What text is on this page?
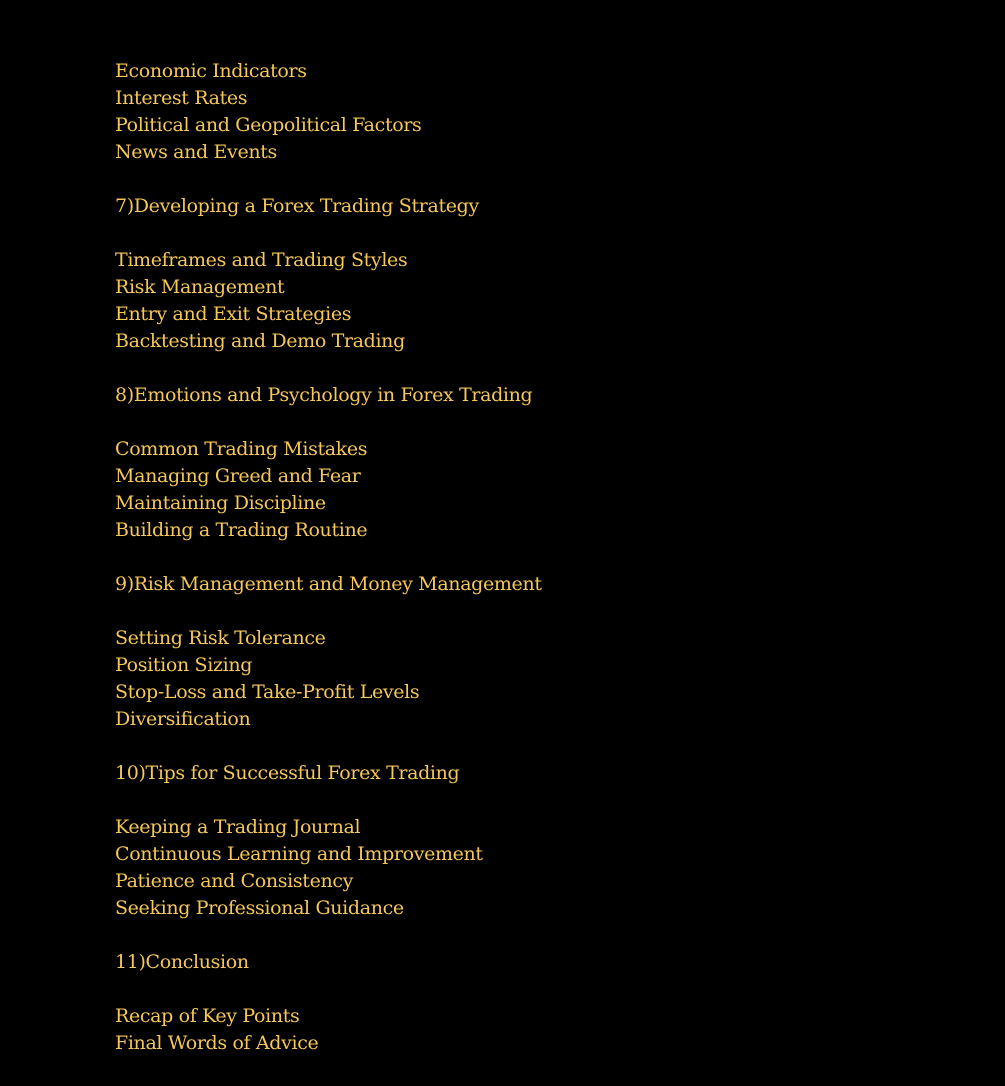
Economic Indicators
Interest Rates
Political and Geopolitical Factors
News and Events
7)Developing a Forex Trading Strategy
Timeframes and Trading Styles
Risk Management
Entry and Exit Strategies
Backtesting and Demo Trading
8)Emotions and Psychology in Forex Trading
Common Trading Mistakes
Managing Greed and Fear
Maintaining Discipline
Building a Trading Routine
9)Risk Management and Money Management
Setting Risk Tolerance
Position Sizing
Stop-Loss and Take-Profit Levels
Diversification
10)Tips for Successful Forex Trading
Keeping a Trading Journal
Continuous Learning and Improvement
Patience and Consistency
Seeking Professional Guidance
11)Conclusion
Recap of Key Points
Final Words of Advice
